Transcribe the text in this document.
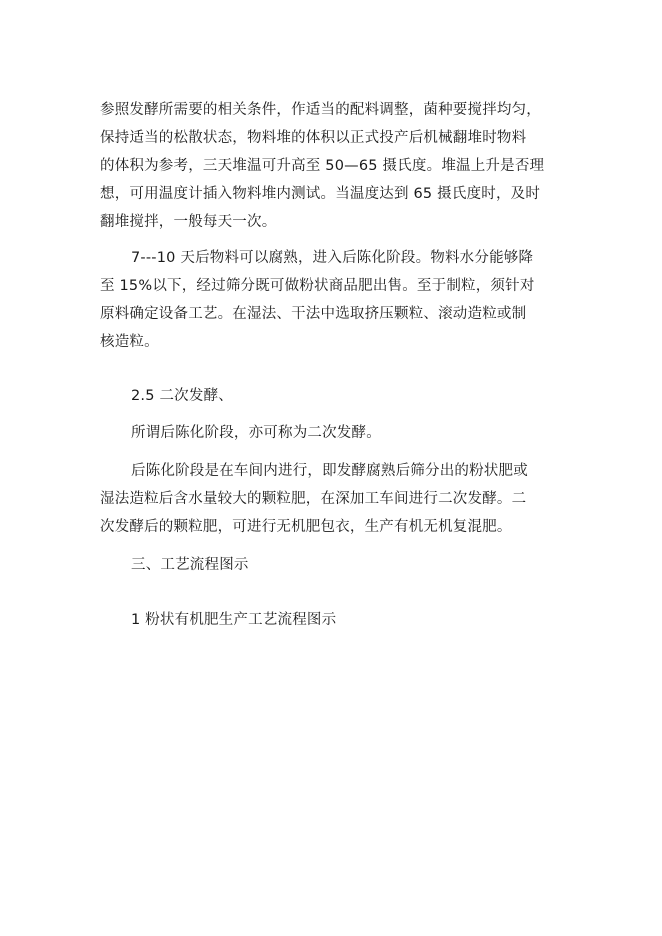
参照发酵所需要的相关条件，作适当的配料调整，菌种要搅拌均匀，
保持适当的松散状态，物料堆的体积以正式投产后机械翻堆时物料
的体积为参考，三天堆温可升高至 50—65 摄氏度。堆温上升是否理
想，可用温度计插入物料堆内测试。当温度达到 65 摄氏度时，及时
翻堆搅拌，一般每天一次。
7---10 天后物料可以腐熟，进入后陈化阶段。物料水分能够降
至 15%以下，经过筛分既可做粉状商品肥出售。至于制粒，须针对
原料确定设备工艺。在湿法、干法中选取挤压颗粒、滚动造粒或制
核造粒。
2.5 二次发酵、
所谓后陈化阶段，亦可称为二次发酵。
后陈化阶段是在车间内进行，即发酵腐熟后筛分出的粉状肥或
湿法造粒后含水量较大的颗粒肥，在深加工车间进行二次发酵。二
次发酵后的颗粒肥，可进行无机肥包衣，生产有机无机复混肥。
三、工艺流程图示
1 粉状有机肥生产工艺流程图示
